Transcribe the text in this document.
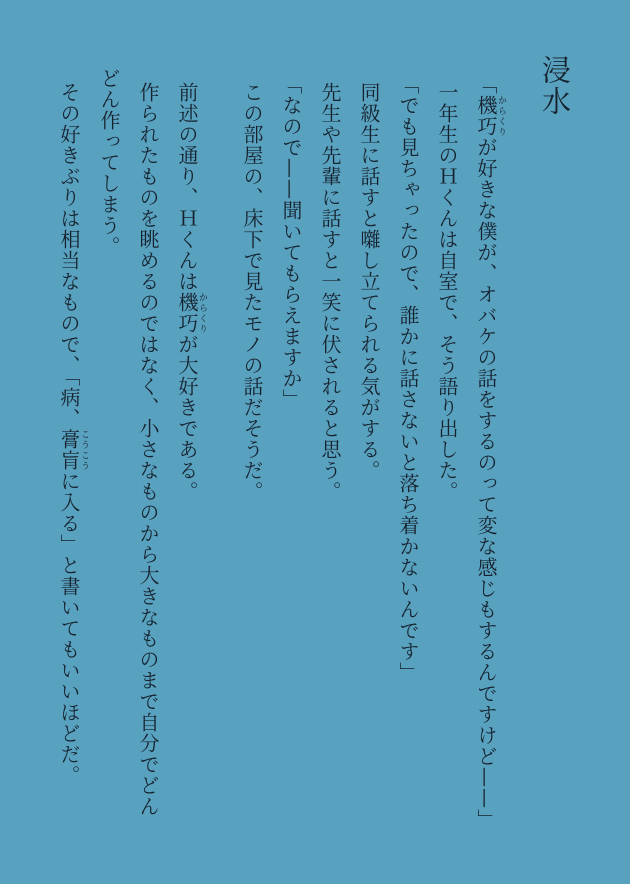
浸水

「機巧からくりが好きな僕が、オバケの話をするのって変な感じもするんですけど——」

一年生のＨくんは自室で、そう語り出した。

「でも見ちゃったので、誰かに話さないと落ち着かないんです」

同級生に話すと囃し立てられる気がする。

先生や先輩に話すと一笑に伏されると思う。

「なので——聞いてもらえますか」

この部屋の、床下で見たモノの話だそうだ。

前述の通り、Ｈくんは機巧からくりが大好きである。

作られたものを眺めるのではなく、小さなものから大きなものまで自分でどんどん作ってしまう。

その好きぶりは相当なもので、「病、膏肓こうこうに入る」と書いてもいいほどだ。
